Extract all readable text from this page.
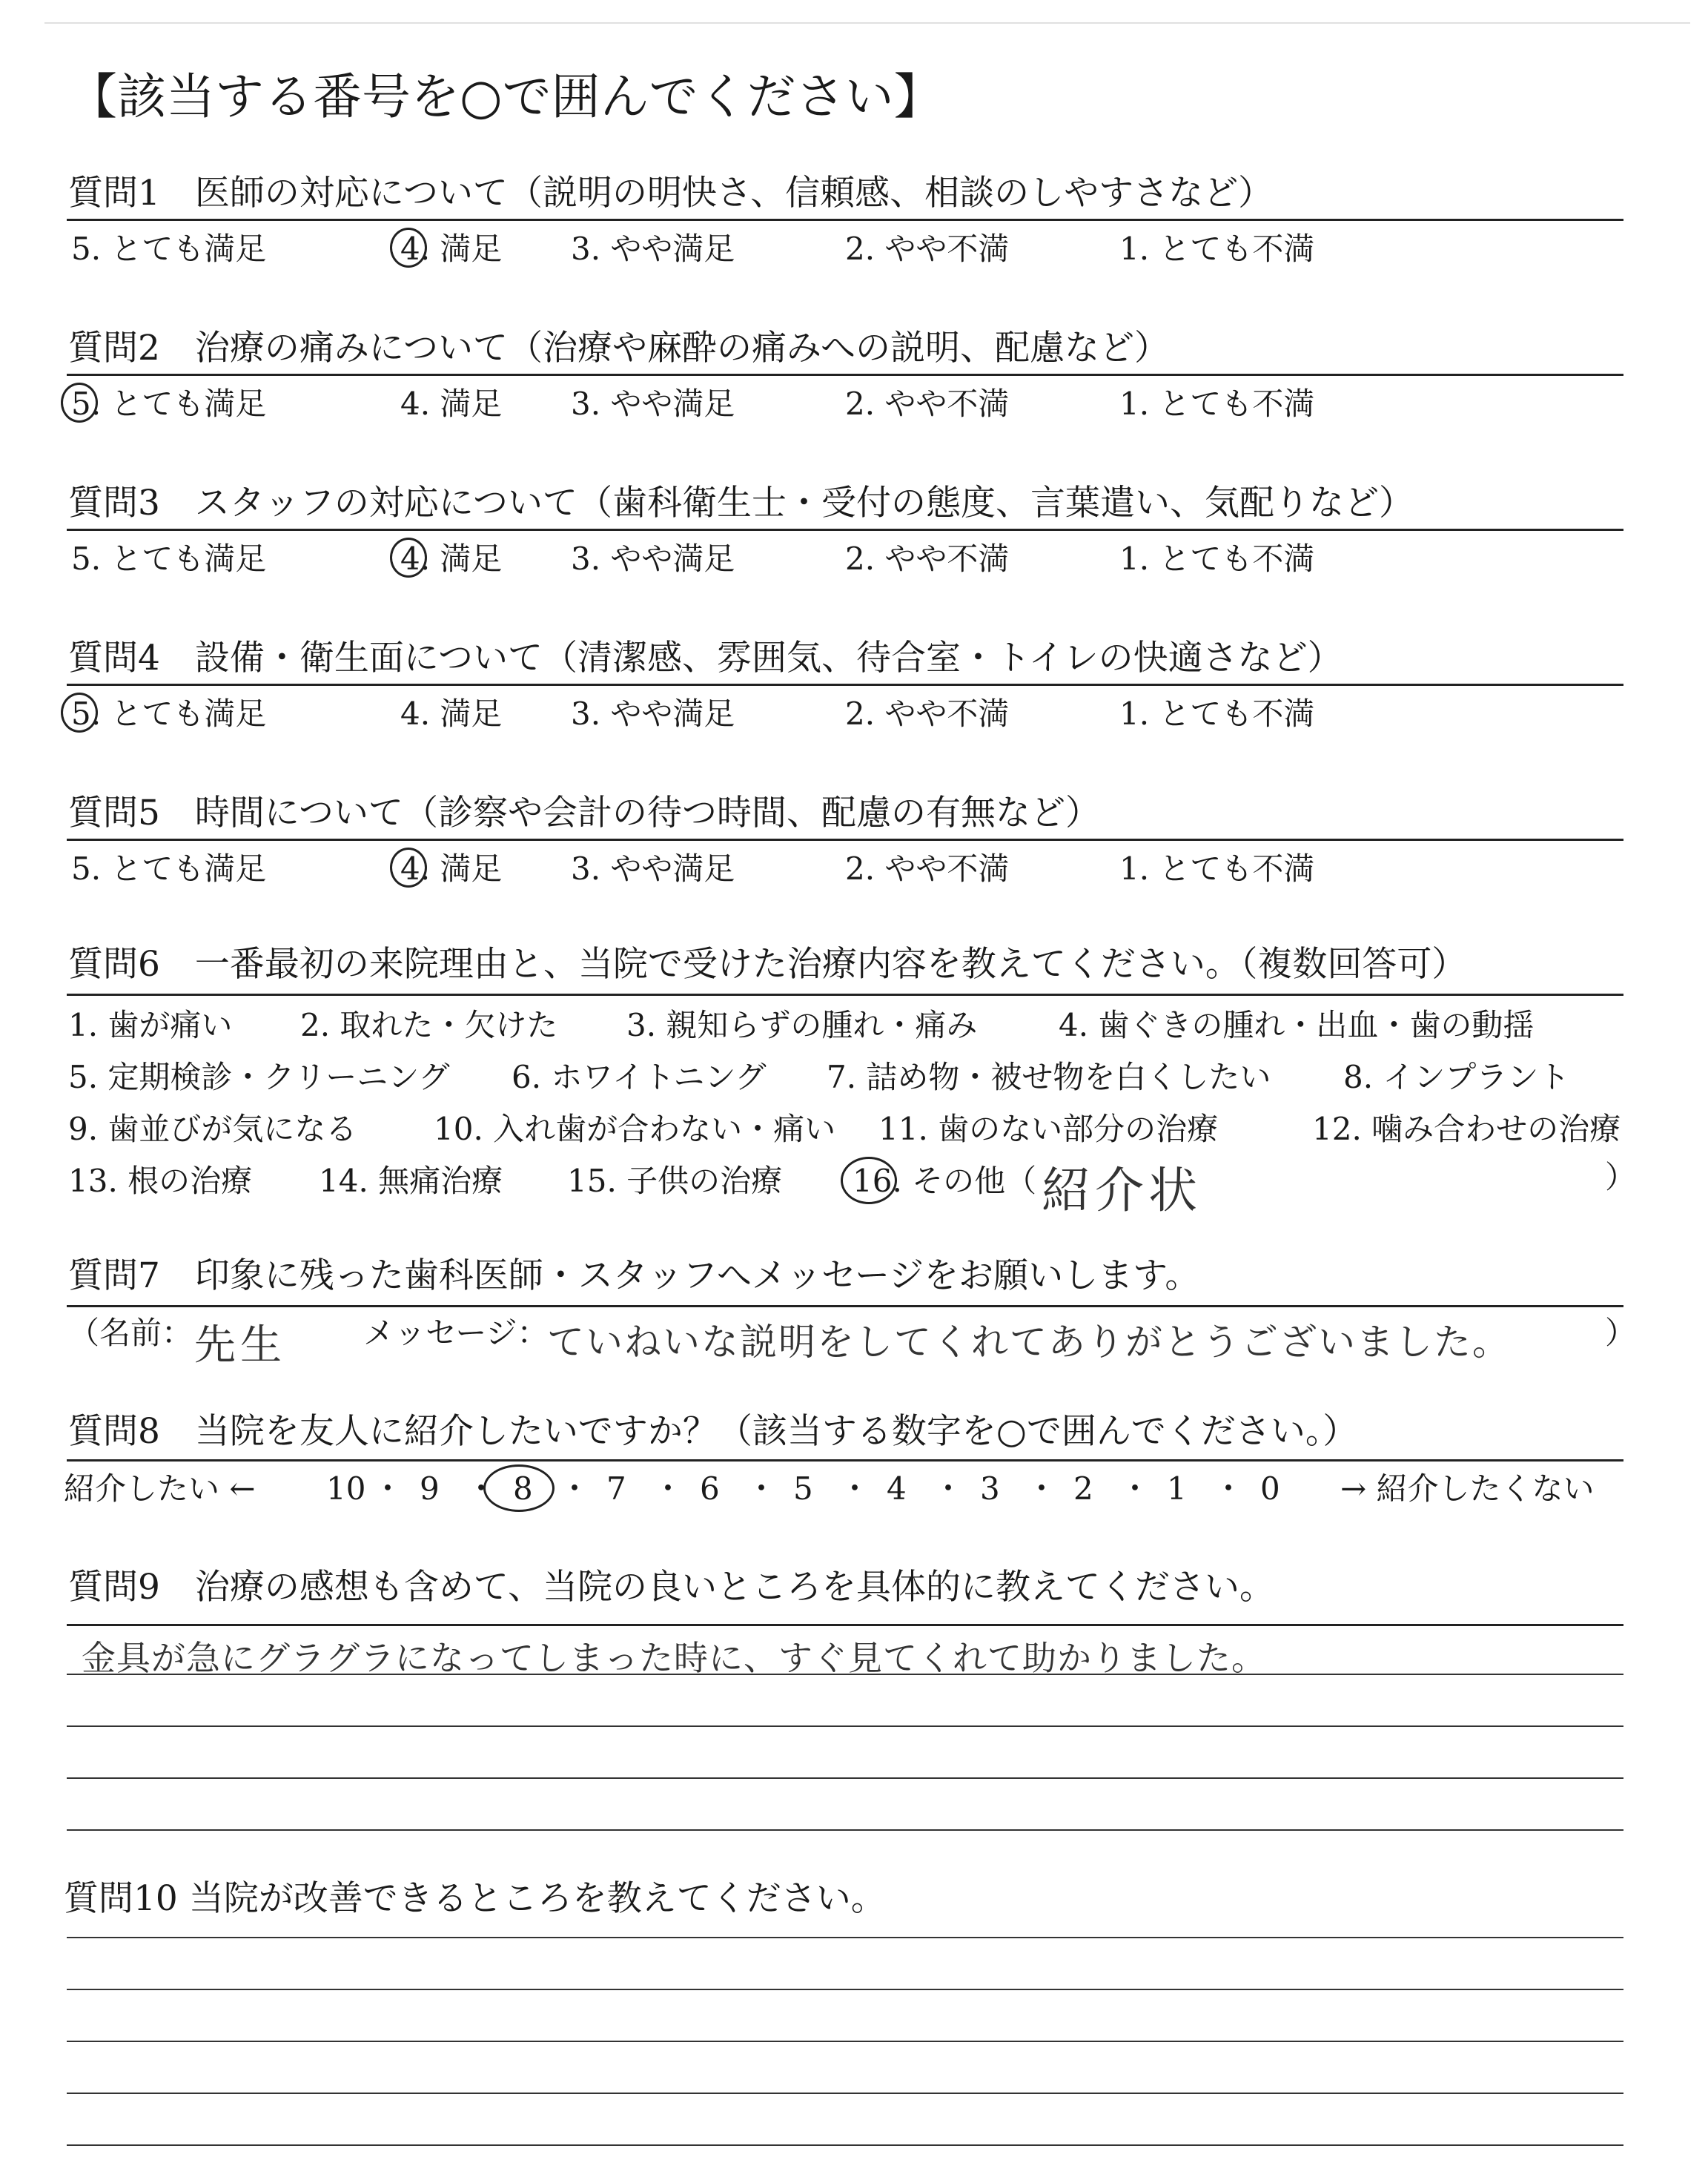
【該当する番号を○で囲んでください】
質問1　医師の対応について（説明の明快さ、信頼感、相談のしやすさなど）
5. とても満足	4. 満足 3. やや満足	2. やや不満	1. とても不満
質問2　治療の痛みについて（治療や麻酔の痛みへの説明、配慮など）
5. とても満足	4. 満足 3. やや満足	2. やや不満	1. とても不満
質問3　スタッフの対応について（歯科衛生士・受付の態度、言葉遣い、気配りなど）
5. とても満足	4. 満足 3. やや満足	2. やや不満	1. とても不満
質問4　設備・衛生面について（清潔感、雰囲気、待合室・トイレの快適さなど）
5. とても満足	4. 満足 3. やや満足	2. やや不満	1. とても不満
質問5　時間について（診察や会計の待つ時間、配慮の有無など）
5. とても満足	4. 満足 3. やや満足	2. やや不満	1. とても不満
質問6　一番最初の来院理由と、当院で受けた治療内容を教えてください。（複数回答可）
1. 歯が痛い 2. 取れた・欠けた 3. 親知らずの腫れ・痛み	4. 歯ぐきの腫れ・出血・歯の動揺
5. 定期検診・クリーニング 6. ホワイトニング 7. 詰め物・被せ物を白くしたい 8. インプラント
9. 歯並びが気になる 10. 入れ歯が合わない・痛い 11. 歯のない部分の治療	12. 噛み合わせの治療
13. 根の治療 14. 無痛治療 15. 子供の治療 16. その他（ 紹介状	）
質問7　印象に残った歯科医師・スタッフへメッセージをお願いします。
（名前： 先生 メッセージ：
ていねいな説明をしてくれてありがとうございました。	）
質問8　当院を友人に紹介したいですか？（該当する数字を○で囲んでください。）
紹介したい ← 10 ・ 9 ・ 8 ・ 7 ・ 6 ・ 5 ・ 4 ・ 3 ・ 2 ・ 1 ・ 0 → 紹介したくない
質問9　治療の感想も含めて、当院の良いところを具体的に教えてください。
金具が急にグラグラになってしまった時に、すぐ見てくれて助かりました。
質問10 当院が改善できるところを教えてください。
